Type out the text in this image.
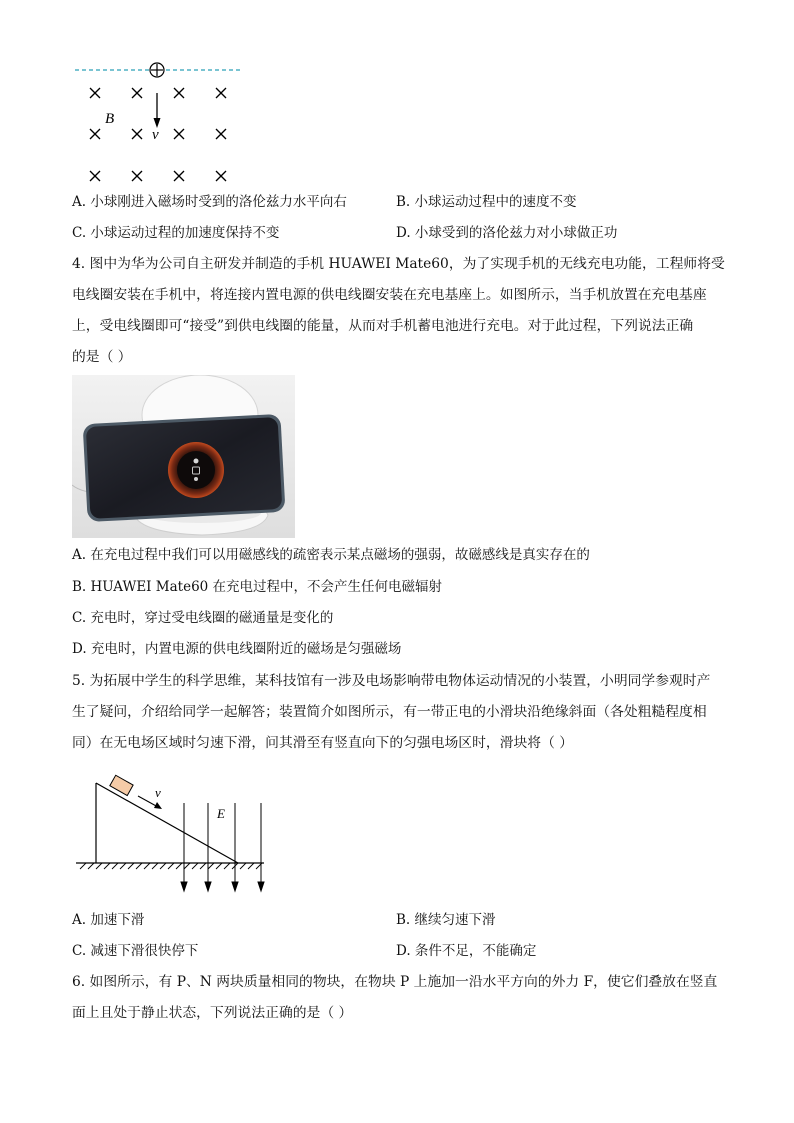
B
v
A. 小球刚进入磁场时受到的洛伦兹力水平向右	B. 小球运动过程中的速度不变
C. 小球运动过程的加速度保持不变	D. 小球受到的洛伦兹力对小球做正功
4. 图中为华为公司自主研发并制造的手机 HUAWEI Mate60，为了实现手机的无线充电功能，工程师将受
电线圈安装在手机中，将连接内置电源的供电线圈安装在充电基座上。如图所示，当手机放置在充电基座
上，受电线圈即可“接受”到供电线圈的能量，从而对手机蓄电池进行充电。对于此过程，下列说法正确
的是（ ）
A. 在充电过程中我们可以用磁感线的疏密表示某点磁场的强弱，故磁感线是真实存在的
B. HUAWEI Mate60 在充电过程中，不会产生任何电磁辐射
C. 充电时，穿过受电线圈的磁通量是变化的
D. 充电时，内置电源的供电线圈附近的磁场是匀强磁场
5. 为拓展中学生的科学思维，某科技馆有一涉及电场影响带电物体运动情况的小装置，小明同学参观时产
生了疑问，介绍给同学一起解答；装置简介如图所示，有一带正电的小滑块沿绝缘斜面（各处粗糙程度相
同）在无电场区域时匀速下滑，问其滑至有竖直向下的匀强电场区时，滑块将（ ）
v
E
A. 加速下滑	B. 继续匀速下滑
C. 减速下滑很快停下	D. 条件不足，不能确定
6. 如图所示，有 P、N 两块质量相同的物块，在物块 P 上施加一沿水平方向的外力 F，使它们叠放在竖直
面上且处于静止状态，下列说法正确的是（ ）
